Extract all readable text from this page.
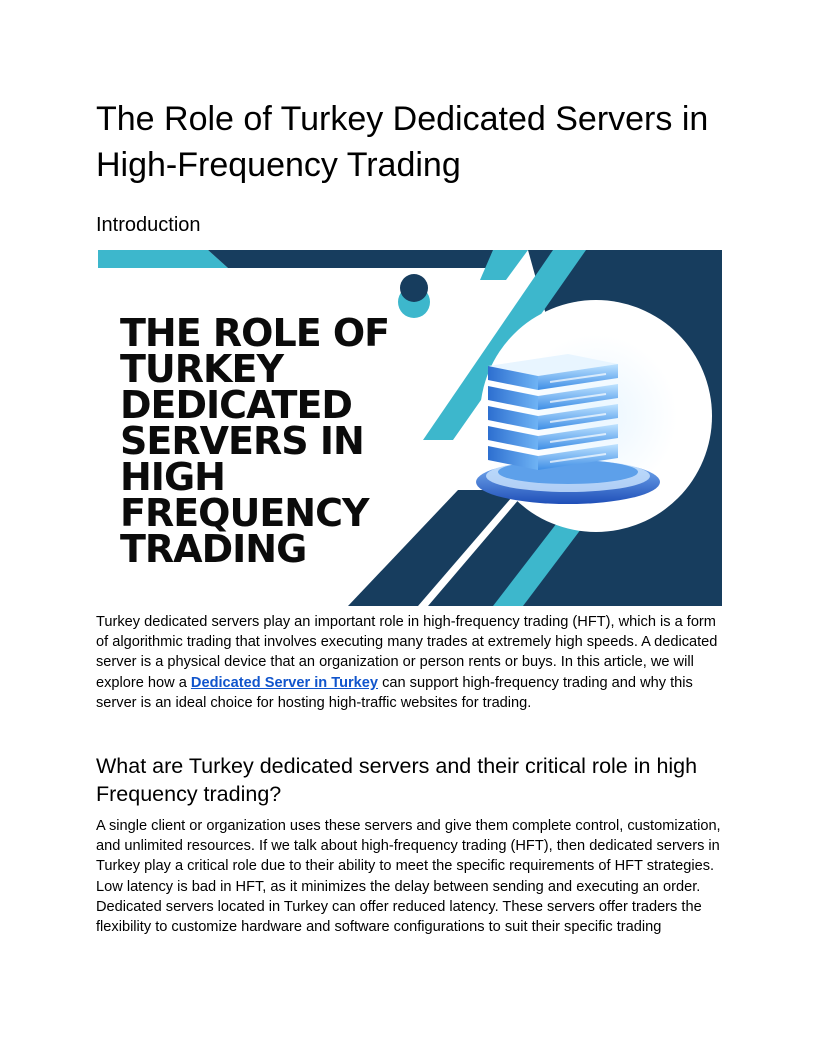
The Role of Turkey Dedicated Servers in High-Frequency Trading
Introduction
THE ROLE OF
TURKEY
DEDICATED
SERVERS IN
HIGH
FREQUENCY
TRADING

Turkey dedicated servers play an important role in high-frequency trading (HFT), which is a form of algorithmic trading that involves executing many trades at extremely high speeds. A dedicated server is a physical device that an organization or person rents or buys. In this article, we will explore how a Dedicated Server in Turkey can support high-frequency trading and why this server is an ideal choice for hosting high-traffic websites for trading.

What are Turkey dedicated servers and their critical role in high Frequency trading?

A single client or organization uses these servers and give them complete control, customization, and unlimited resources. If we talk about high-frequency trading (HFT), then dedicated servers in Turkey play a critical role due to their ability to meet the specific requirements of HFT strategies.

Low latency is bad in HFT, as it minimizes the delay between sending and executing an order. Dedicated servers located in Turkey can offer reduced latency. These servers offer traders the flexibility to customize hardware and software configurations to suit their specific trading
